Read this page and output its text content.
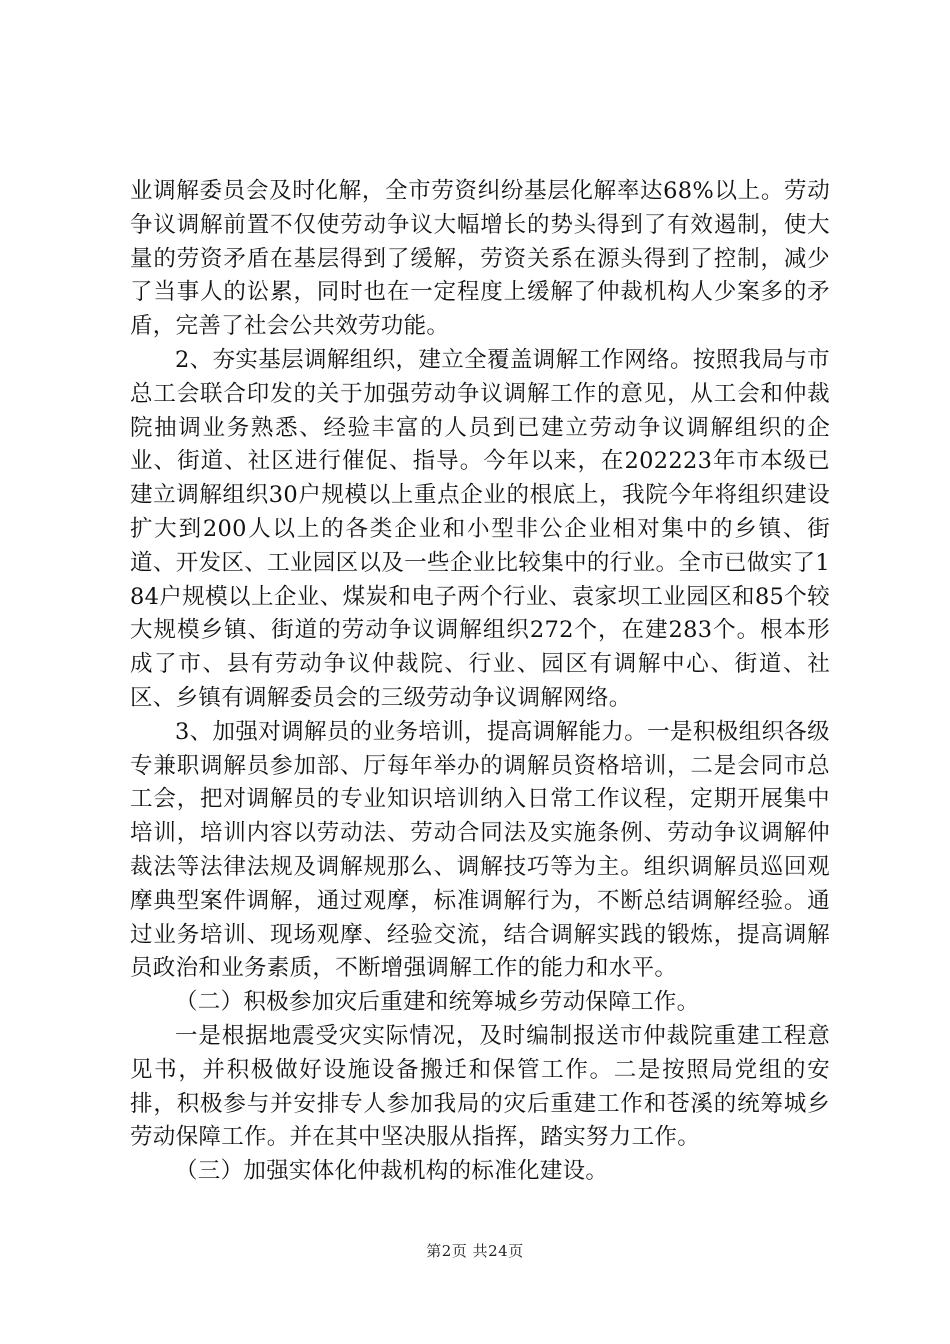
业调解委员会及时化解，全市劳资纠纷基层化解率达68%以上。劳动争议调解前置不仅使劳动争议大幅增长的势头得到了有效遏制，使大量的劳资矛盾在基层得到了缓解，劳资关系在源头得到了控制，减少了当事人的讼累，同时也在一定程度上缓解了仲裁机构人少案多的矛盾，完善了社会公共效劳功能。

2、夯实基层调解组织，建立全覆盖调解工作网络。按照我局与市总工会联合印发的关于加强劳动争议调解工作的意见，从工会和仲裁院抽调业务熟悉、经验丰富的人员到已建立劳动争议调解组织的企业、街道、社区进行催促、指导。今年以来，在202223年市本级已建立调解组织30户规模以上重点企业的根底上，我院今年将组织建设扩大到200人以上的各类企业和小型非公企业相对集中的乡镇、街道、开发区、工业园区以及一些企业比较集中的行业。全市已做实了184户规模以上企业、煤炭和电子两个行业、袁家坝工业园区和85个较大规模乡镇、街道的劳动争议调解组织272个，在建283个。根本形成了市、县有劳动争议仲裁院、行业、园区有调解中心、街道、社区、乡镇有调解委员会的三级劳动争议调解网络。

3、加强对调解员的业务培训，提高调解能力。一是积极组织各级专兼职调解员参加部、厅每年举办的调解员资格培训，二是会同市总工会，把对调解员的专业知识培训纳入日常工作议程，定期开展集中培训，培训内容以劳动法、劳动合同法及实施条例、劳动争议调解仲裁法等法律法规及调解规那么、调解技巧等为主。组织调解员巡回观摩典型案件调解，通过观摩，标准调解行为，不断总结调解经验。通过业务培训、现场观摩、经验交流，结合调解实践的锻炼，提高调解员政治和业务素质，不断增强调解工作的能力和水平。

（二）积极参加灾后重建和统筹城乡劳动保障工作。

一是根据地震受灾实际情况，及时编制报送市仲裁院重建工程意见书，并积极做好设施设备搬迁和保管工作。二是按照局党组的安排，积极参与并安排专人参加我局的灾后重建工作和苍溪的统筹城乡劳动保障工作。并在其中坚决服从指挥，踏实努力工作。

（三）加强实体化仲裁机构的标准化建设。

第2页 共24页
